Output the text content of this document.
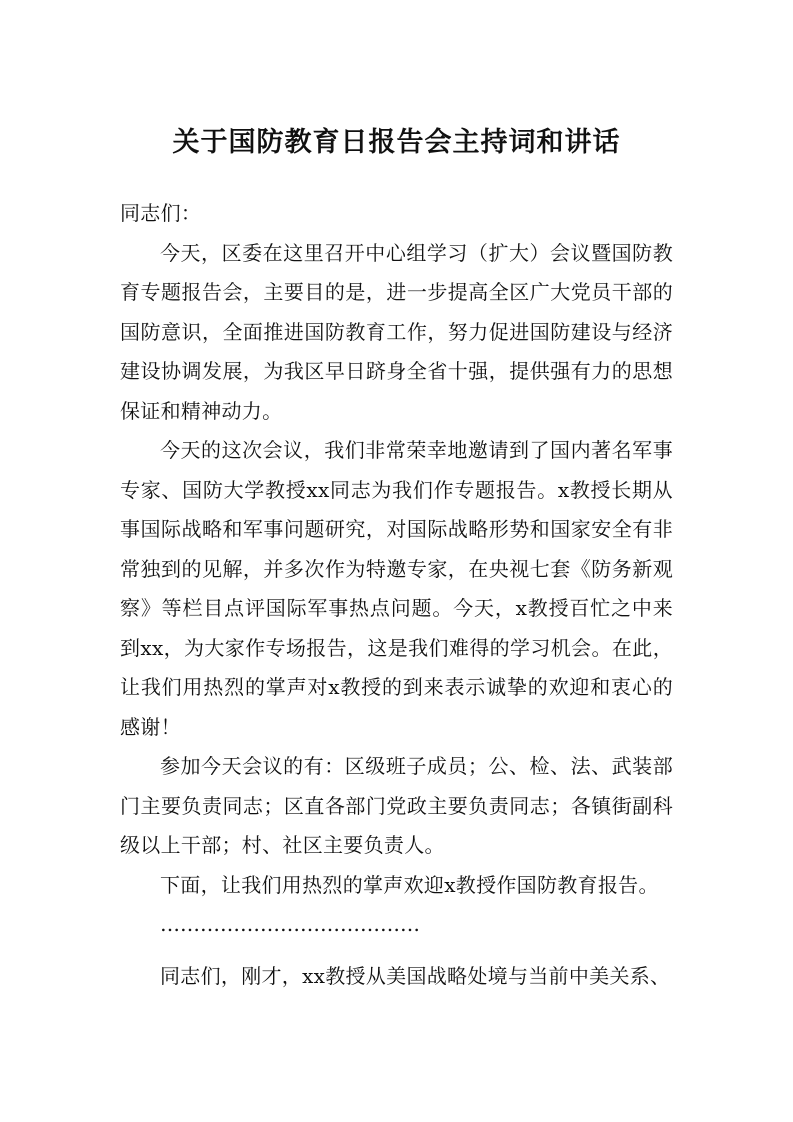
关于国防教育日报告会主持词和讲话

同志们：

今天，区委在这里召开中心组学习（扩大）会议暨国防教育专题报告会，主要目的是，进一步提高全区广大党员干部的国防意识，全面推进国防教育工作，努力促进国防建设与经济建设协调发展，为我区早日跻身全省十强，提供强有力的思想保证和精神动力。

今天的这次会议，我们非常荣幸地邀请到了国内著名军事专家、国防大学教授xx同志为我们作专题报告。x教授长期从事国际战略和军事问题研究，对国际战略形势和国家安全有非常独到的见解，并多次作为特邀专家，在央视七套《防务新观察》等栏目点评国际军事热点问题。今天，x教授百忙之中来到xx，为大家作专场报告，这是我们难得的学习机会。在此，让我们用热烈的掌声对x教授的到来表示诚挚的欢迎和衷心的感谢！

参加今天会议的有：区级班子成员；公、检、法、武装部门主要负责同志；区直各部门党政主要负责同志；各镇街副科级以上干部；村、社区主要负责人。

下面，让我们用热烈的掌声欢迎x教授作国防教育报告。

…………………………………

同志们，刚才，xx教授从美国战略处境与当前中美关系、
